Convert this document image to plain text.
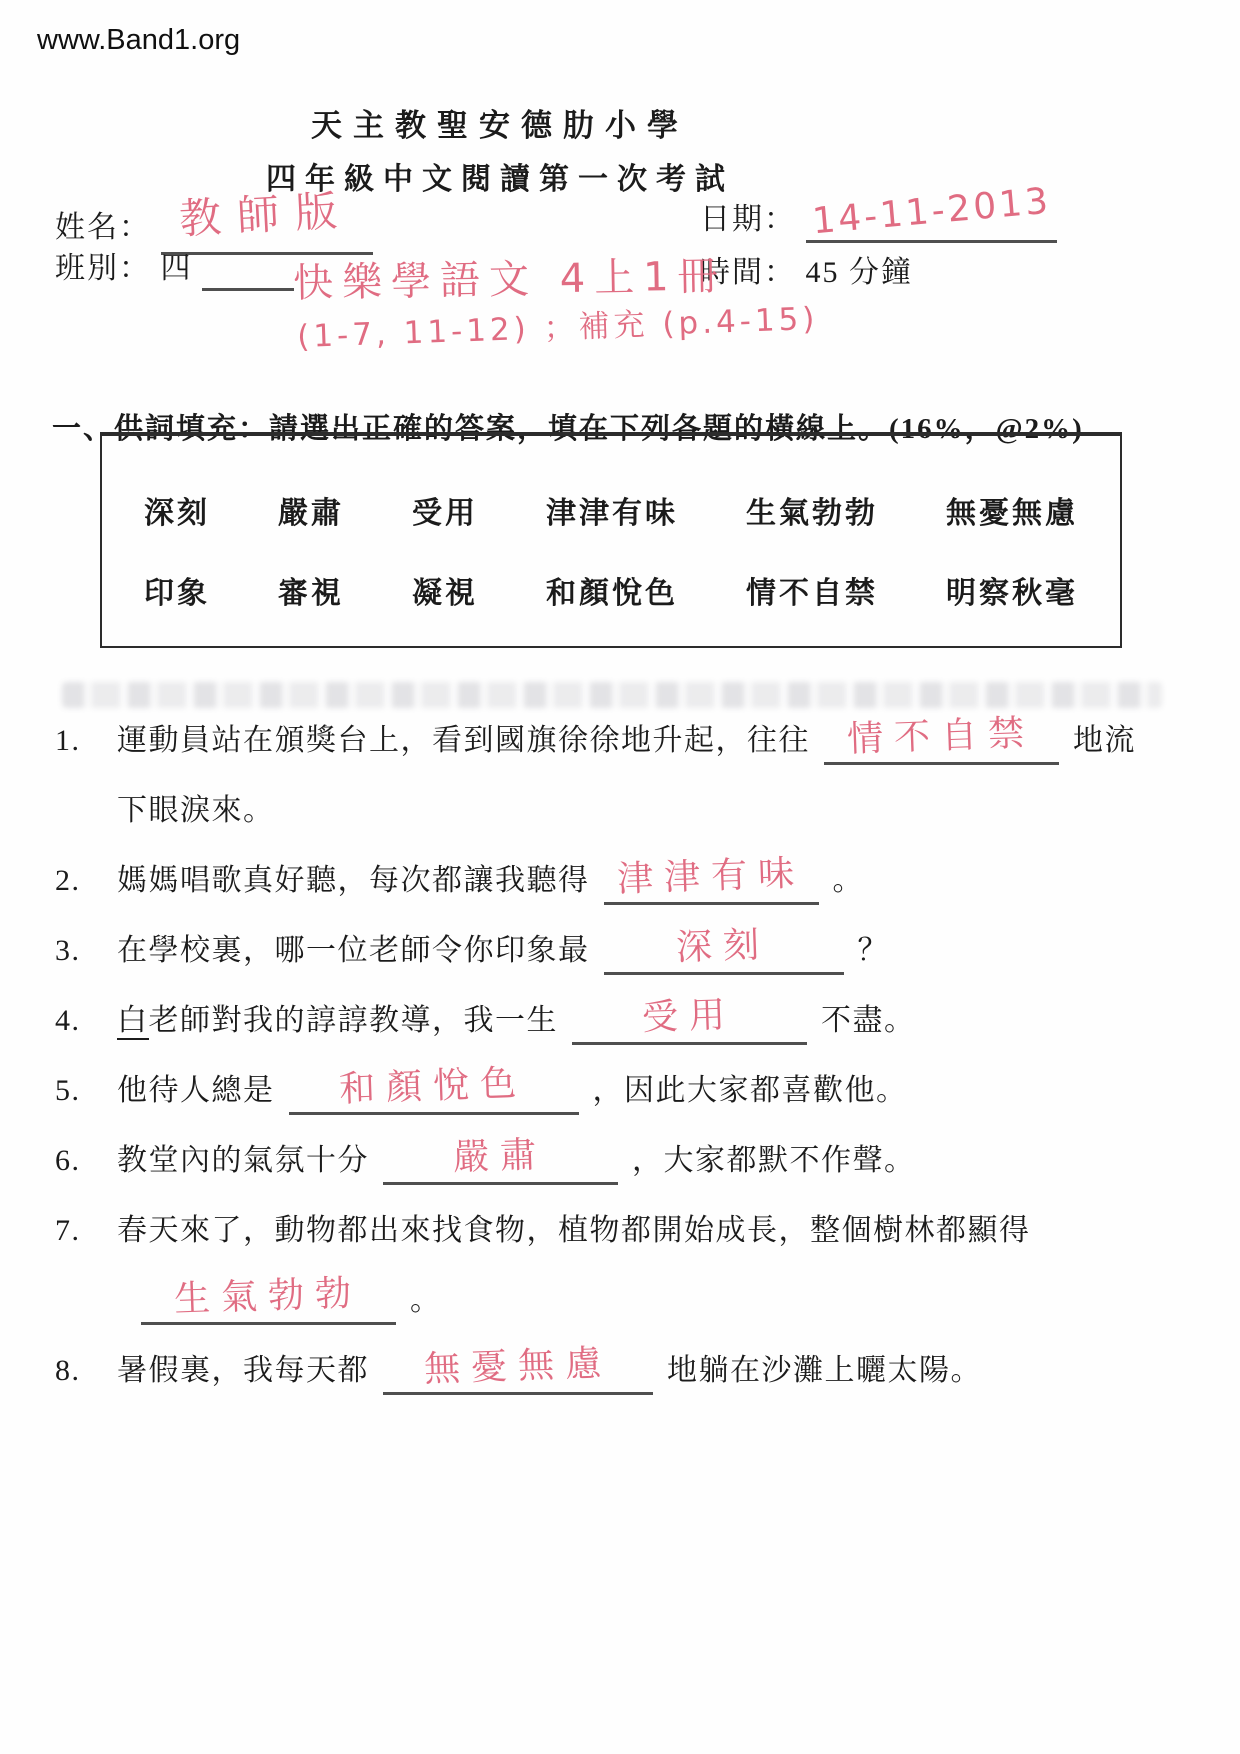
www.Band1.org
天主教聖安德肋小學
四年級中文閱讀第一次考試
姓名： 教師版
班別： 四
日期： 14-11-2013
時間： 45 分鐘
快樂學語文 4上1冊
(1-7, 11-12) ；補充 (p.4-15)
一、供詞填充：請選出正確的答案，填在下列各題的橫線上。(16%，@2%)
深刻 嚴肅 受用 津津有味 生氣勃勃 無憂無慮
印象 審視 凝視 和顏悅色 情不自禁 明察秋毫
1.	運動員站在頒獎台上，看到國旗徐徐地升起，往往 情不自禁 地流
下眼淚來。
2.	媽媽唱歌真好聽，每次都讓我聽得 津津有味 。
3.	在學校裏，哪一位老師令你印象最 深刻	？
4.	白老師對我的諄諄教導，我一生 受用	不盡。
5.	他待人總是 和顏悅色 ，因此大家都喜歡他。
6.	教堂內的氣氛十分 嚴肅	，大家都默不作聲。
7.	春天來了，動物都出來找食物，植物都開始成長，整個樹林都顯得
生氣勃勃 。
8.	暑假裏，我每天都 無憂無慮 地躺在沙灘上曬太陽。
